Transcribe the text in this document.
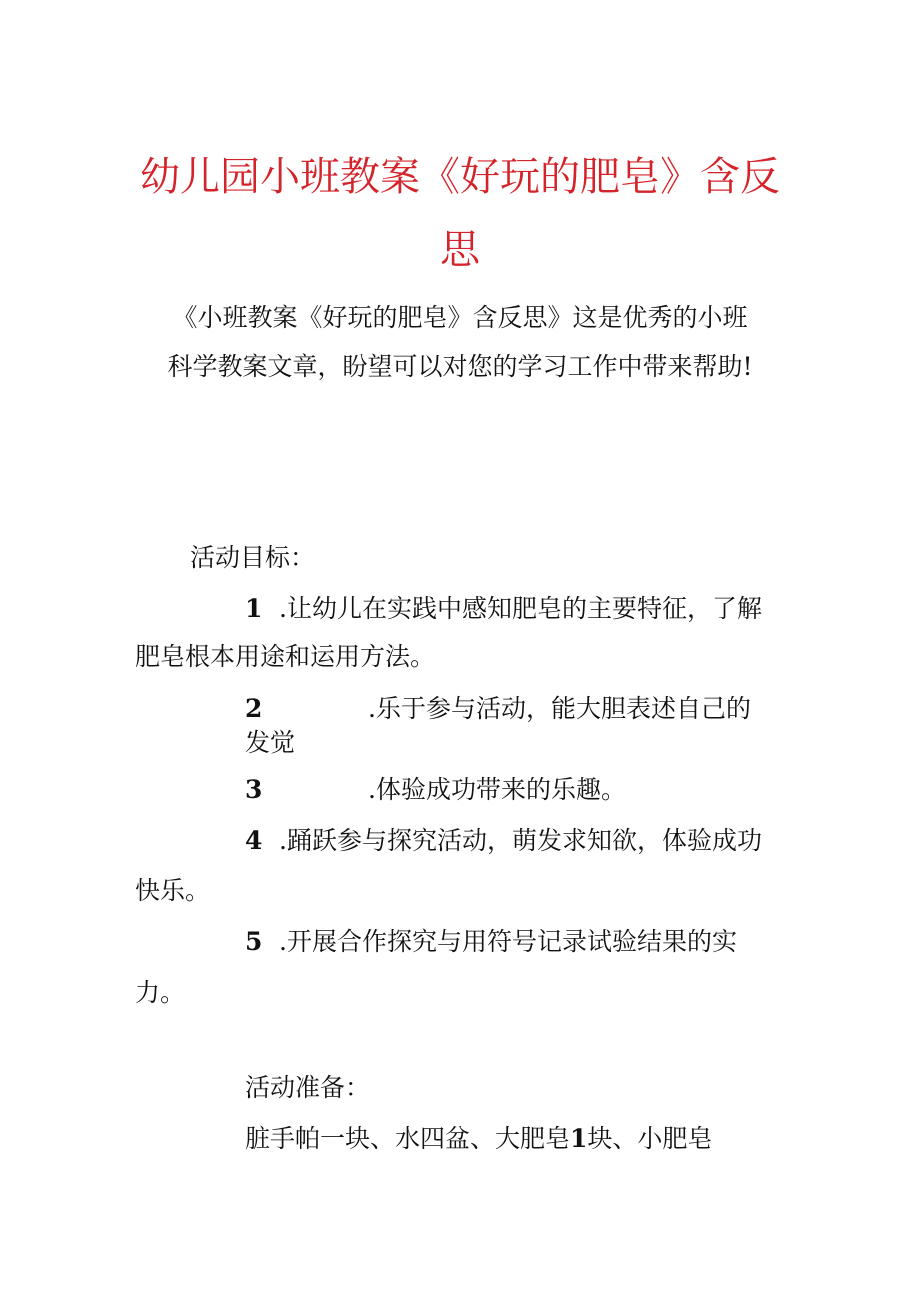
幼儿园小班教案《好玩的肥皂》含反
思
《小班教案《好玩的肥皂》含反思》这是优秀的小班
科学教案文章，盼望可以对您的学习工作中带来帮助!
活动目标：
1 .让幼儿在实践中感知肥皂的主要特征，了解
肥皂根本用途和运用方法。
2	.乐于参与活动，能大胆表述自己的
发觉
3	.体验成功带来的乐趣。
4 .踊跃参与探究活动，萌发求知欲，体验成功
快乐。
5 .开展合作探究与用符号记录试验结果的实
力。
活动准备：
脏手帕一块、水四盆、大肥皂1块、小肥皂
